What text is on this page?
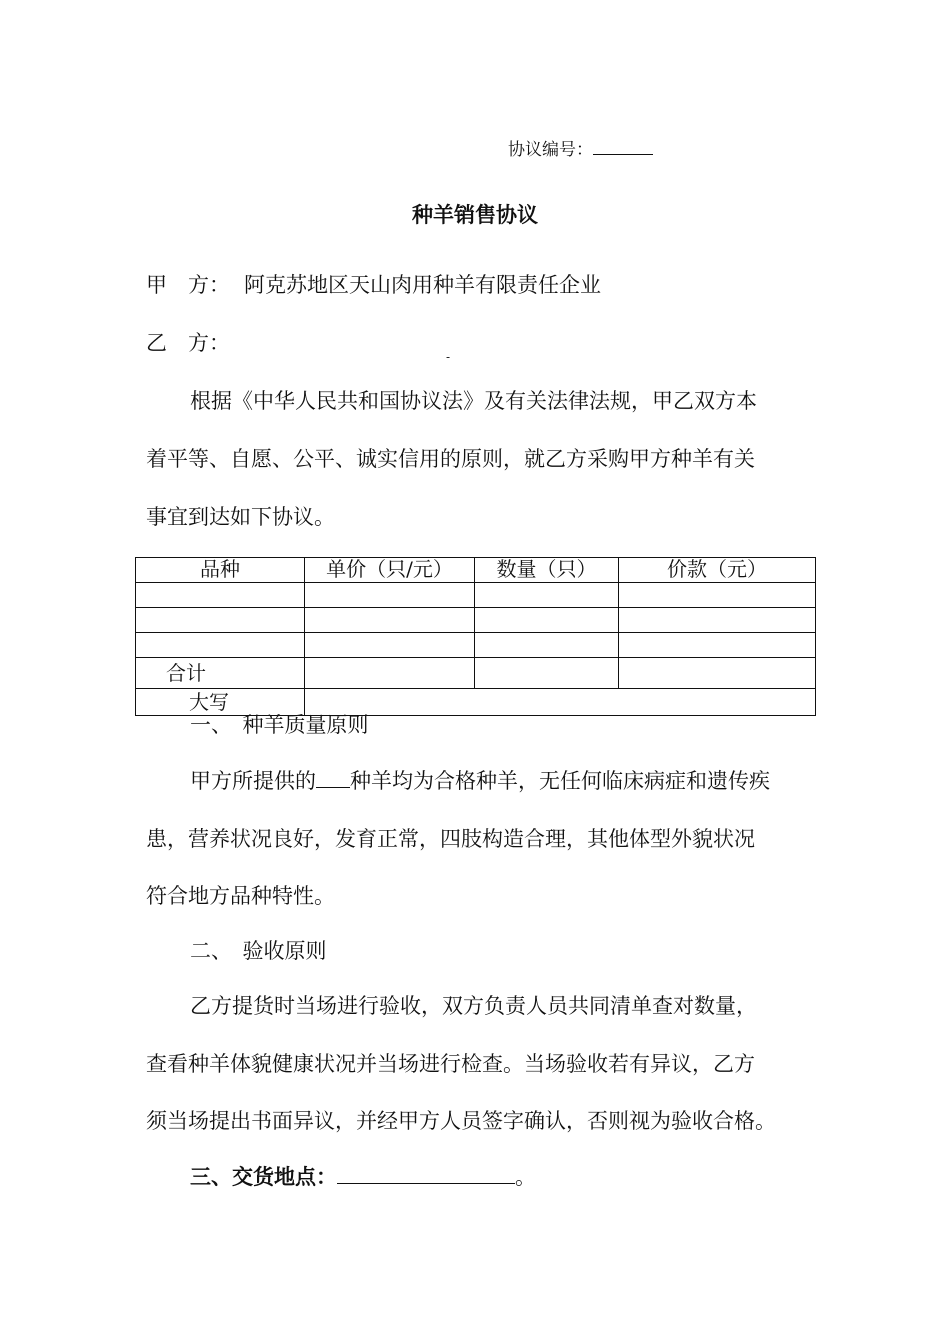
协议编号：
种羊销售协议
甲　方： 阿克苏地区天山肉用种羊有限责任企业
乙　方：
-
根据《中华人民共和国协议法》及有关法律法规，甲乙双方本
着平等、自愿、公平、诚实信用的原则，就乙方采购甲方种羊有关
事宜到达如下协议。
品种	单价（只/元）	数量（只）	价款（元）

合计			
大写			
一、　种羊质量原则
甲方所提供的 种羊均为合格种羊，无任何临床病症和遗传疾
患，营养状况良好，发育正常，四肢构造合理，其他体型外貌状况
符合地方品种特性。
二、　验收原则
乙方提货时当场进行验收，双方负责人员共同清单查对数量，
查看种羊体貌健康状况并当场进行检查。当场验收若有异议，乙方
须当场提出书面异议，并经甲方人员签字确认，否则视为验收合格。
三、交货地点：	。
